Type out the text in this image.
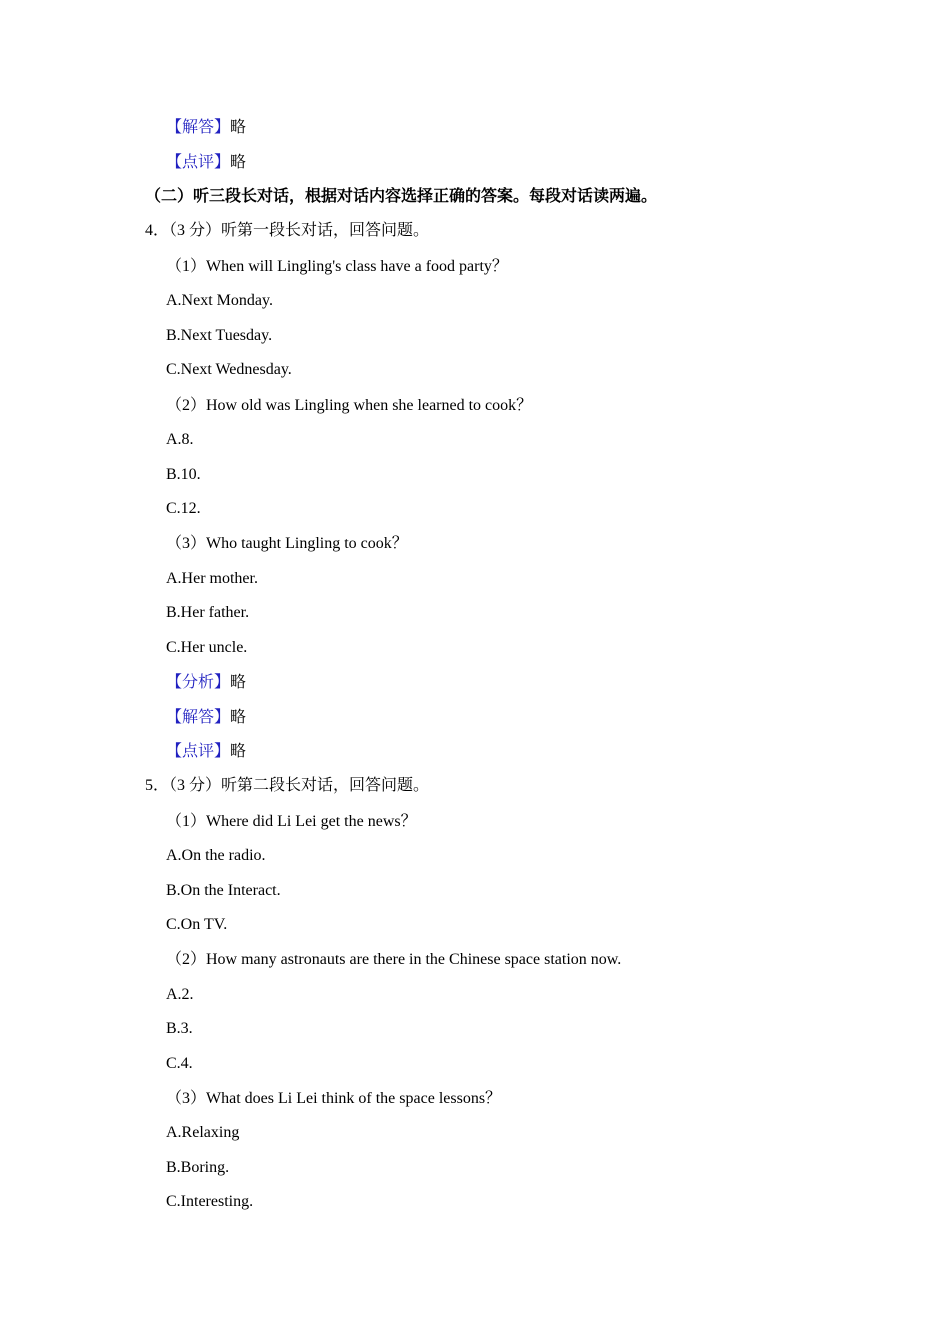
【解答】略
【点评】略
（二）听三段长对话，根据对话内容选择正确的答案。每段对话读两遍。
4．（3 分）听第一段长对话，回答问题。
（1）When will Lingling's class have a food party？
A.Next Monday.
B.Next Tuesday.
C.Next Wednesday.
（2）How old was Lingling when she learned to cook？
A.8.
B.10.
C.12.
（3）Who taught Lingling to cook？
A.Her mother.
B.Her father.
C.Her uncle.
【分析】略
【解答】略
【点评】略
5．（3 分）听第二段长对话，回答问题。
（1）Where did Li Lei get the news？
A.On the radio.
B.On the Interact.
C.On TV.
（2）How many astronauts are there in the Chinese space station now.
A.2.
B.3.
C.4.
（3）What does Li Lei think of the space lessons？
A.Relaxing
B.Boring.
C.Interesting.
